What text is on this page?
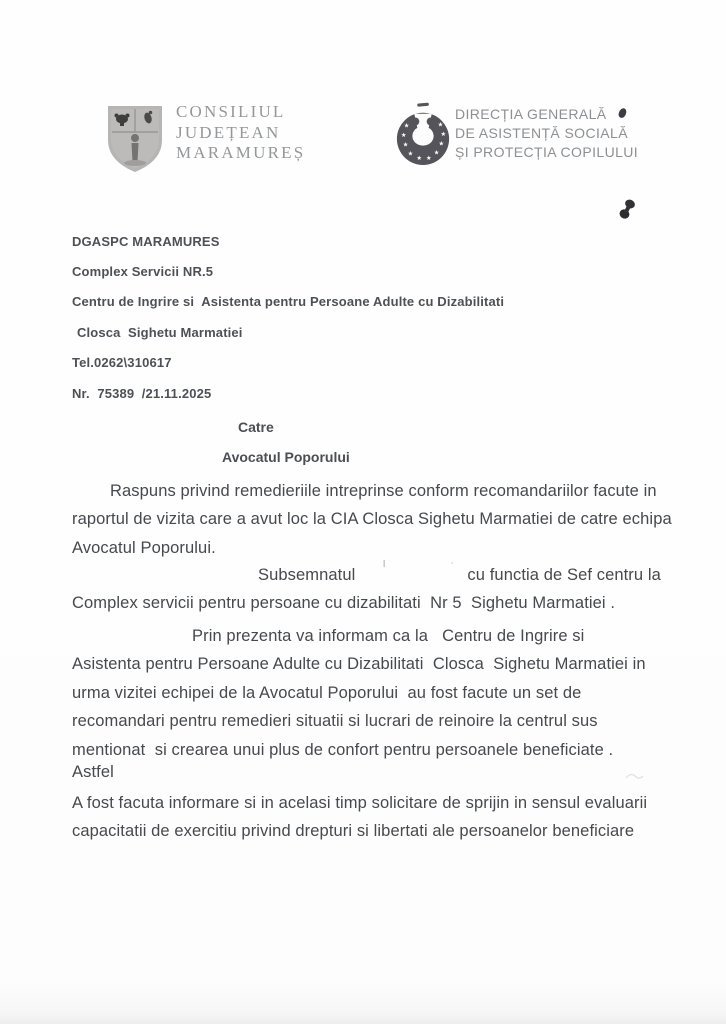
CONSILIUL
JUDEȚEAN
MARAMUREȘ
★
★
★
★
★ ★
★
★
★
★
DIRECȚIA GENERALĂ
DE ASISTENȚĂ SOCIALĂ
ȘI PROTECȚIA COPILULUI
DGASPC MARAMURES
Complex Servicii NR.5
Centru de Ingrire si  Asistenta pentru Persoane Adulte cu Dizabilitati
Closca  Sighetu Marmatiei
Tel.0262\310617
Nr.  75389  /21.11.2025
Catre
Avocatul Poporului
Raspuns privind remedieriile intreprinse conform recomandariilor facute in
raportul de vizita care a avut loc la CIA Closca Sighetu Marmatiei de catre echipa
Avocatul Poporului.
Subsemnatul
ı	·
cu functia de Sef centru la
Complex servicii pentru persoane cu dizabilitati  Nr 5  Sighetu Marmatiei .
Prin prezenta va informam ca la   Centru de Ingrire si
Asistenta pentru Persoane Adulte cu Dizabilitati  Closca  Sighetu Marmatiei in
urma vizitei echipei de la Avocatul Poporului  au fost facute un set de
recomandari pentru remedieri situatii si lucrari de reinoire la centrul sus
mentionat  si crearea unui plus de confort pentru persoanele beneficiate .
Astfel
A fost facuta informare si in acelasi timp solicitare de sprijin in sensul evaluarii
capacitatii de exercitiu privind drepturi si libertati ale persoanelor beneficiare
